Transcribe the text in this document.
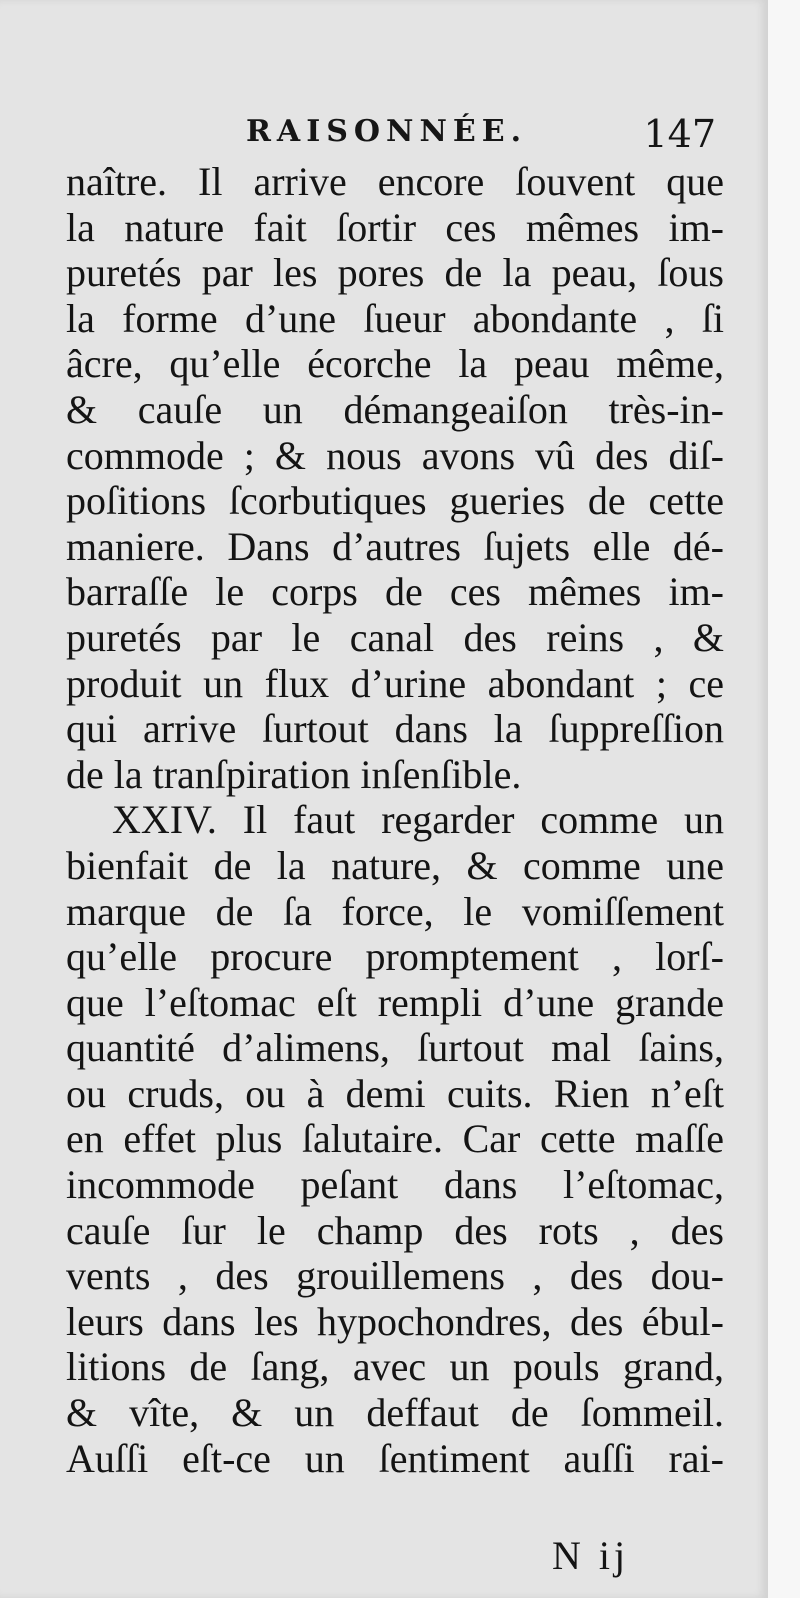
RAISONNÉE.	147
naître. Il arrive encore ſouvent que
la nature fait ſortir ces mêmes im-
puretés par les pores de la peau, ſous
la forme d’une ſueur abondante , ſi
âcre, qu’elle écorche la peau même,
& cauſe un démangeaiſon très-in-
commode ; & nous avons vû des diſ-
poſitions ſcorbutiques gueries de cette
maniere. Dans d’autres ſujets elle dé-
barraſſe le corps de ces mêmes im-
puretés par le canal des reins , &
produit un flux d’urine abondant ; ce
qui arrive ſurtout dans la ſuppreſſion
de la tranſpiration inſenſible.
XXIV. Il faut regarder comme un
bienfait de la nature, & comme une
marque de ſa force, le vomiſſement
qu’elle procure promptement , lorſ-
que l’eſtomac eſt rempli d’une grande
quantité d’alimens, ſurtout mal ſains,
ou cruds, ou à demi cuits. Rien n’eſt
en effet plus ſalutaire. Car cette maſſe
incommode peſant dans l’eſtomac,
cauſe ſur le champ des rots , des
vents , des grouillemens , des dou-
leurs dans les hypochondres, des ébul-
litions de ſang, avec un pouls grand,
& vîte, & un deffaut de ſommeil.
Auſſi eſt-ce un ſentiment auſſi rai-
N ij
